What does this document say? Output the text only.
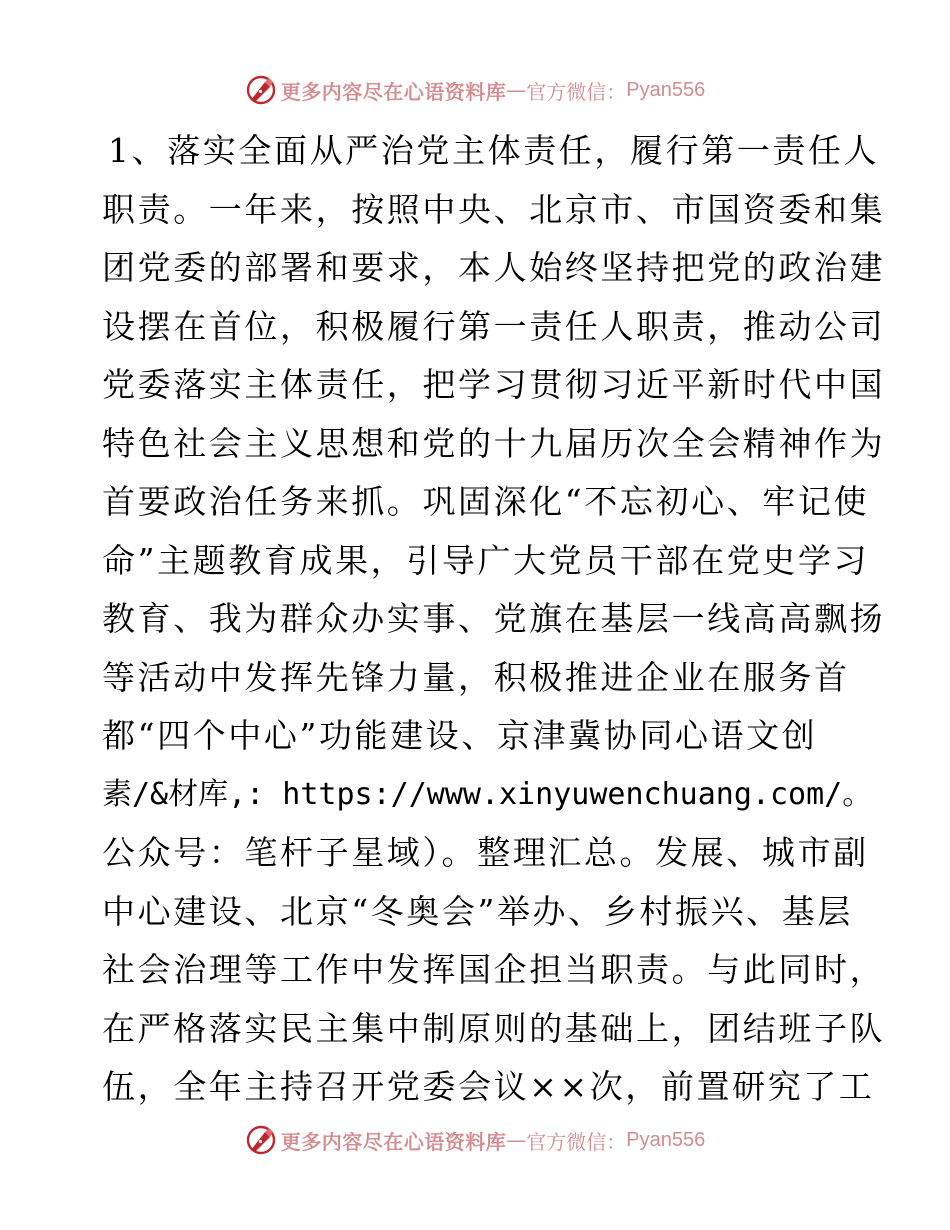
更多内容尽在心语资料库 — 官方微信： Pyan556
1、落实全面从严治党主体责任，履行第一责任人
职责。一年来，按照中央、北京市、市国资委和集
团党委的部署和要求，本人始终坚持把党的政治建
设摆在首位，积极履行第一责任人职责，推动公司
党委落实主体责任，把学习贯彻习近平新时代中国
特色社会主义思想和党的十九届历次全会精神作为
首要政治任务来抓。巩固深化“不忘初心、牢记使
命”主题教育成果，引导广大党员干部在党史学习
教育、我为群众办实事、党旗在基层一线高高飘扬
等活动中发挥先锋力量，积极推进企业在服务首
都“四个中心”功能建设、京津冀协同心语文创
素/&材库,: https://www.xinyuwenchuang.com/。
公众号：笔杆子星域）。整理汇总。发展、城市副
中心建设、北京“冬奥会”举办、乡村振兴、基层
社会治理等工作中发挥国企担当职责。与此同时，
在严格落实民主集中制原则的基础上，团结班子队
伍，全年主持召开党委会议××次，前置研究了工
更多内容尽在心语资料库 — 官方微信： Pyan556
